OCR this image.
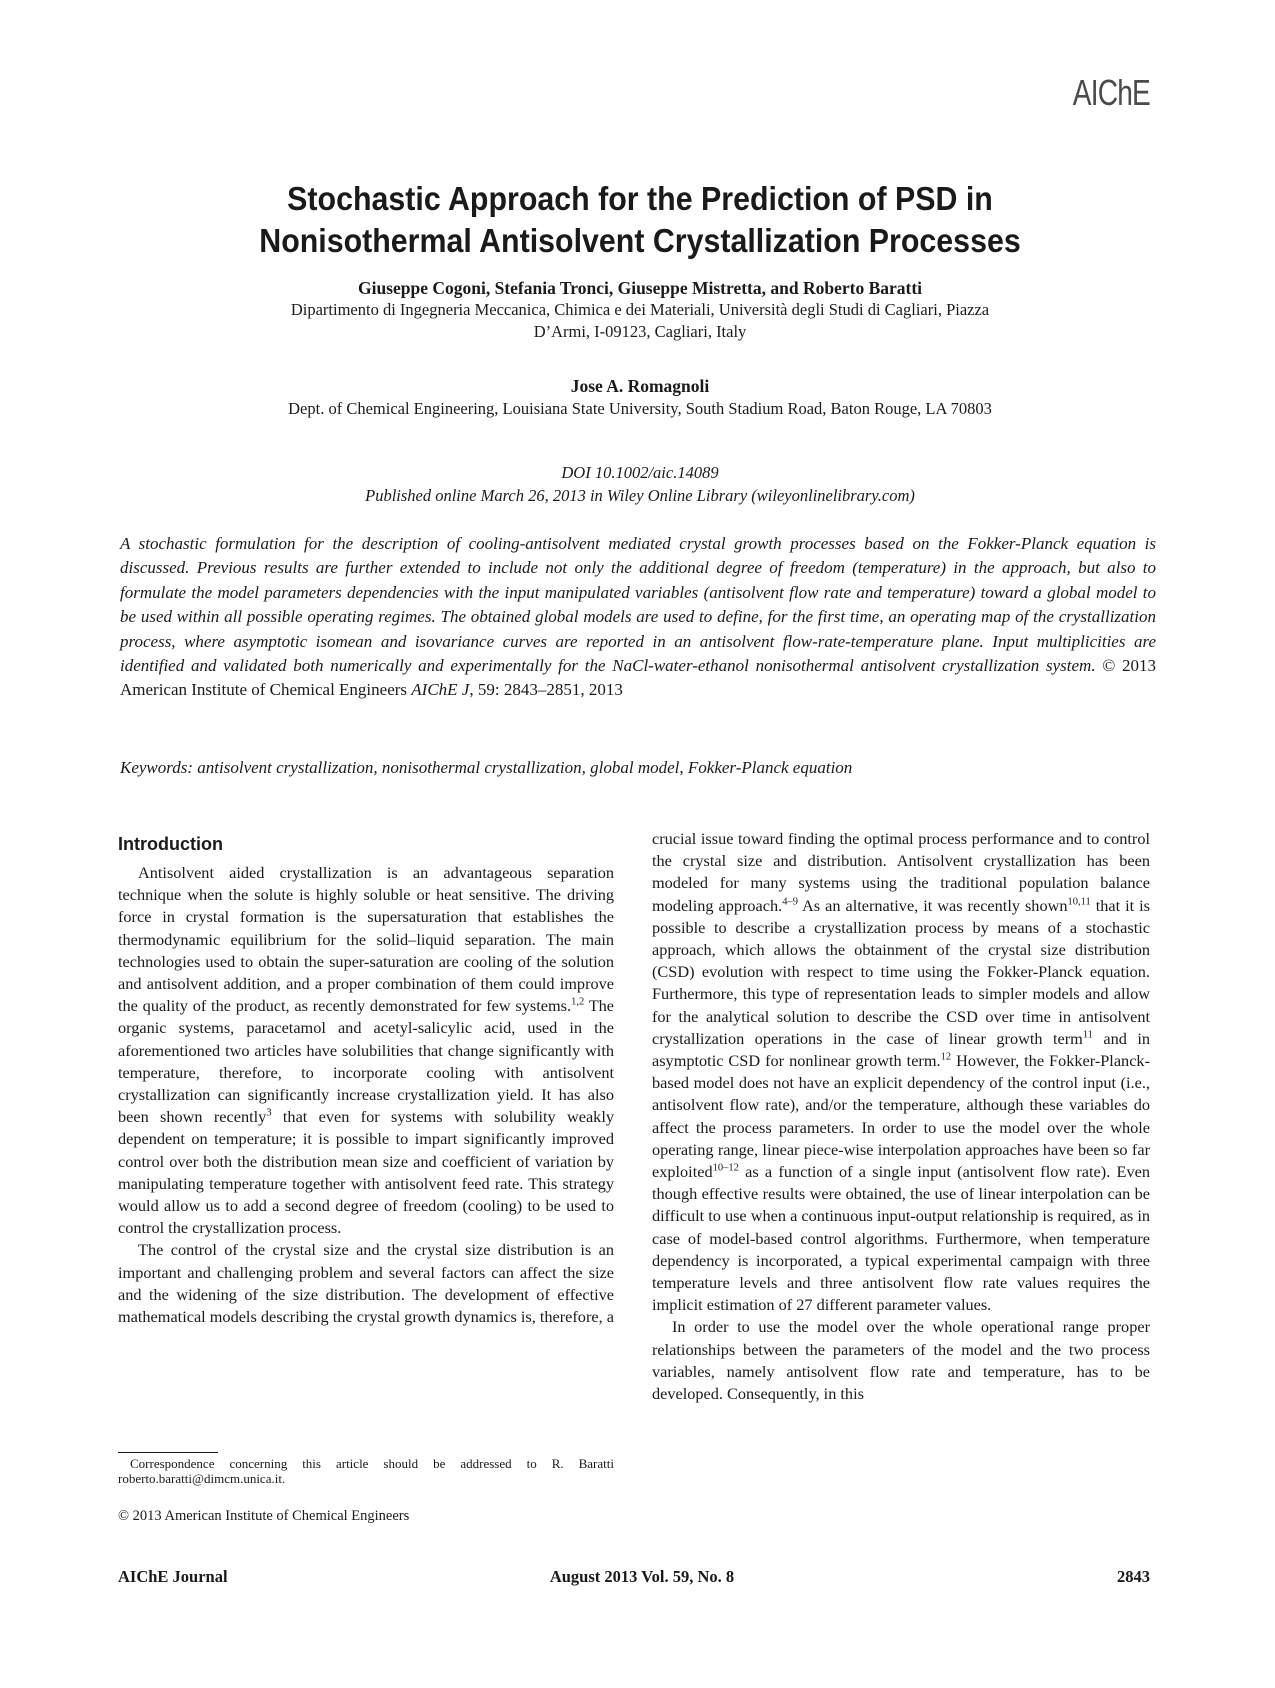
AIChE
Stochastic Approach for the Prediction of PSD in
Nonisothermal Antisolvent Crystallization Processes
Giuseppe Cogoni, Stefania Tronci, Giuseppe Mistretta, and Roberto Baratti
Dipartimento di Ingegneria Meccanica, Chimica e dei Materiali, Università degli Studi di Cagliari, Piazza
D’Armi, I-09123, Cagliari, Italy
Jose A. Romagnoli
Dept. of Chemical Engineering, Louisiana State University, South Stadium Road, Baton Rouge, LA 70803
DOI 10.1002/aic.14089
Published online March 26, 2013 in Wiley Online Library (wileyonlinelibrary.com)

A stochastic formulation for the description of cooling-antisolvent mediated crystal growth processes based on the Fokker-Planck equation is discussed. Previous results are further extended to include not only the additional degree of freedom (temperature) in the approach, but also to formulate the model parameters dependencies with the input manipulated variables (antisolvent flow rate and temperature) toward a global model to be used within all possible operating regimes. The obtained global models are used to define, for the first time, an operating map of the crystallization process, where asymptotic isomean and isovariance curves are reported in an antisolvent flow-rate-temperature plane. Input multiplicities are identified and validated both numerically and experimentally for the NaCl-water-ethanol nonisothermal antisolvent crystallization system. © 2013 American Institute of Chemical Engineers AIChE J, 59: 2843–2851, 2013

Keywords: antisolvent crystallization, nonisothermal crystallization, global model, Fokker-Planck equation

Introduction

Antisolvent aided crystallization is an advantageous separation technique when the solute is highly soluble or heat sensitive. The driving force in crystal formation is the supersaturation that establishes the thermodynamic equilibrium for the solid–liquid separation. The main technologies used to obtain the super-saturation are cooling of the solution and antisolvent addition, and a proper combination of them could improve the quality of the product, as recently demonstrated for few systems.$^{1,2}$ The organic systems, paracetamol and acetyl-salicylic acid, used in the aforementioned two articles have solubilities that change significantly with temperature, therefore, to incorporate cooling with antisolvent crystallization can significantly increase crystallization yield. It has also been shown recently$^3$ that even for systems with solubility weakly dependent on temperature; it is possible to impart significantly improved control over both the distribution mean size and coefficient of variation by manipulating temperature together with antisolvent feed rate. This strategy would allow us to add a second degree of freedom (cooling) to be used to control the crystallization process.

The control of the crystal size and the crystal size distribution is an important and challenging problem and several factors can affect the size and the widening of the size distribution. The development of effective mathematical models describing the crystal growth dynamics is, therefore, a

crucial issue toward finding the optimal process performance and to control the crystal size and distribution. Antisolvent crystallization has been modeled for many systems using the traditional population balance modeling approach.$^{4-9}$ As an alternative, it was recently shown$^{10,11}$ that it is possible to describe a crystallization process by means of a stochastic approach, which allows the obtainment of the crystal size distribution (CSD) evolution with respect to time using the Fokker-Planck equation. Furthermore, this type of representation leads to simpler models and allow for the analytical solution to describe the CSD over time in antisolvent crystallization operations in the case of linear growth term$^{11}$ and in asymptotic CSD for nonlinear growth term.$^{12}$ However, the Fokker-Planck-based model does not have an explicit dependency of the control input (i.e., antisolvent flow rate), and/or the temperature, although these variables do affect the process parameters. In order to use the model over the whole operating range, linear piece-wise interpolation approaches have been so far exploited$^{10-12}$ as a function of a single input (antisolvent flow rate). Even though effective results were obtained, the use of linear interpolation can be difficult to use when a continuous input-output relationship is required, as in case of model-based control algorithms. Furthermore, when temperature dependency is incorporated, a typical experimental campaign with three temperature levels and three antisolvent flow rate values requires the implicit estimation of 27 different parameter values.

In order to use the model over the whole operational range proper relationships between the parameters of the model and the two process variables, namely antisolvent flow rate and temperature, has to be developed. Consequently, in this

Correspondence concerning this article should be addressed to R. Baratti roberto.baratti@dimcm.unica.it.

© 2013 American Institute of Chemical Engineers

AIChE Journal	August 2013 Vol. 59, No. 8	2843
